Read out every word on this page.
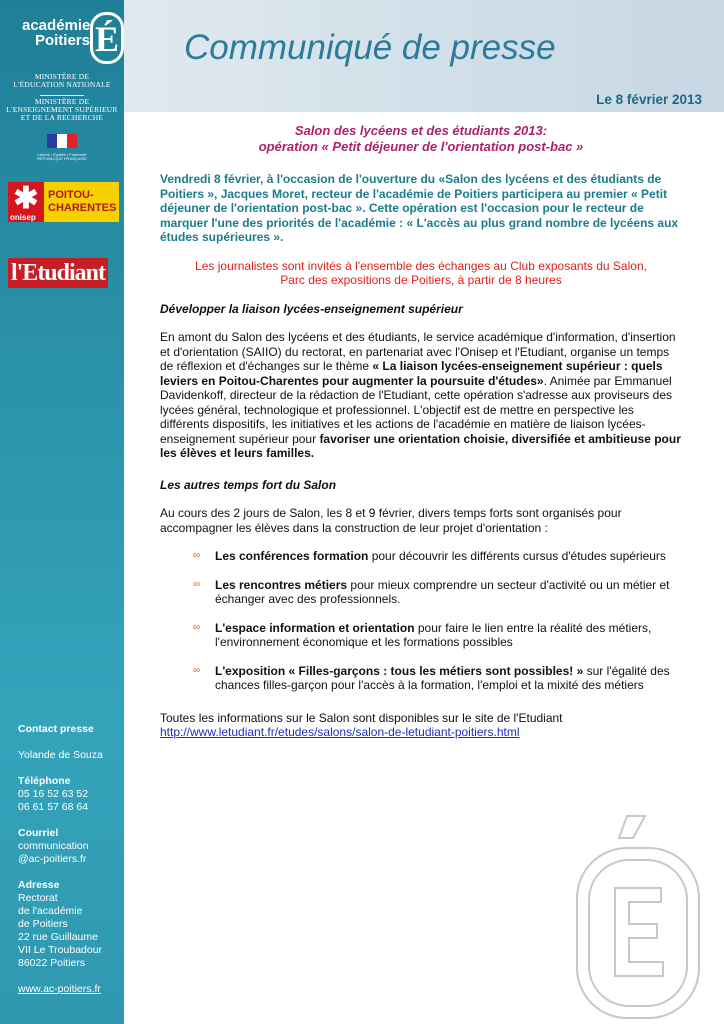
académie
Poitiers É
MINISTÈRE DE
L'ÉDUCATION NATIONALE
MINISTÈRE DE
L'ENSEIGNEMENT SUPÉRIEUR
ET DE LA RECHERCHE
Liberté • Égalité • Fraternité
RÉPUBLIQUE FRANÇAISE
✱
onisep
POITOU-
CHARENTES
l'Etudiant
Contact presse
Yolande de Souza
Téléphone
05 16 52 63 52
06 61 57 68 64
Courriel
communication
@ac-poitiers.fr
Adresse
Rectorat
de l'académie
de Poitiers
22 rue Guillaume
VII Le Troubadour
86022 Poitiers
www.ac-poitiers.fr
Communiqué de presse
Le 8 février 2013
Salon des lycéens et des étudiants 2013:
opération « Petit déjeuner de l'orientation post-bac »
Vendredi 8 février, à l'occasion de l'ouverture du «Salon des lycéens et des étudiants de Poitiers », Jacques Moret, recteur de l'académie de Poitiers participera au premier « Petit déjeuner de l'orientation post-bac ». Cette opération est l'occasion pour le recteur de marquer l'une des priorités de l'académie : « L'accès au plus grand nombre de lycéens aux études supérieures ».
Les journalistes sont invités à l'ensemble des échanges au Club exposants du Salon,
Parc des expositions de Poitiers, à partir de 8 heures
Développer la liaison lycées-enseignement supérieur
En amont du Salon des lycéens et des étudiants, le service académique d'information, d'insertion et d'orientation (SAIIO) du rectorat, en partenariat avec l'Onisep et l'Etudiant, organise un temps de réflexion et d'échanges sur le thème « La liaison lycées-enseignement supérieur : quels leviers en Poitou-Charentes pour augmenter la poursuite d'études». Animée par Emmanuel Davidenkoff, directeur de la rédaction de l'Etudiant, cette opération s'adresse aux proviseurs des lycées général, technologique et professionnel. L'objectif est de mettre en perspective les différents dispositifs, les initiatives et les actions de l'académie en matière de liaison lycées-enseignement supérieur pour favoriser une orientation choisie, diversifiée et ambitieuse pour les élèves et leurs familles.
Les autres temps fort du Salon
Au cours des 2 jours de Salon, les 8 et 9 février, divers temps forts sont organisés pour accompagner les élèves dans la construction de leur projet d'orientation :
∞ Les conférences formation pour découvrir les différents cursus d'études supérieurs
∞ Les rencontres métiers pour mieux comprendre un secteur d'activité ou un métier et échanger avec des professionnels.
∞ L'espace information et orientation pour faire le lien entre la réalité des métiers, l'environnement économique et les formations possibles
∞ L'exposition « Filles-garçons : tous les métiers sont possibles! » sur l'égalité des chances filles-garçon pour l'accès à la formation, l'emploi et la mixité des métiers
Toutes les informations sur le Salon sont disponibles sur le site de l'Etudiant
http://www.letudiant.fr/etudes/salons/salon-de-letudiant-poitiers.html
